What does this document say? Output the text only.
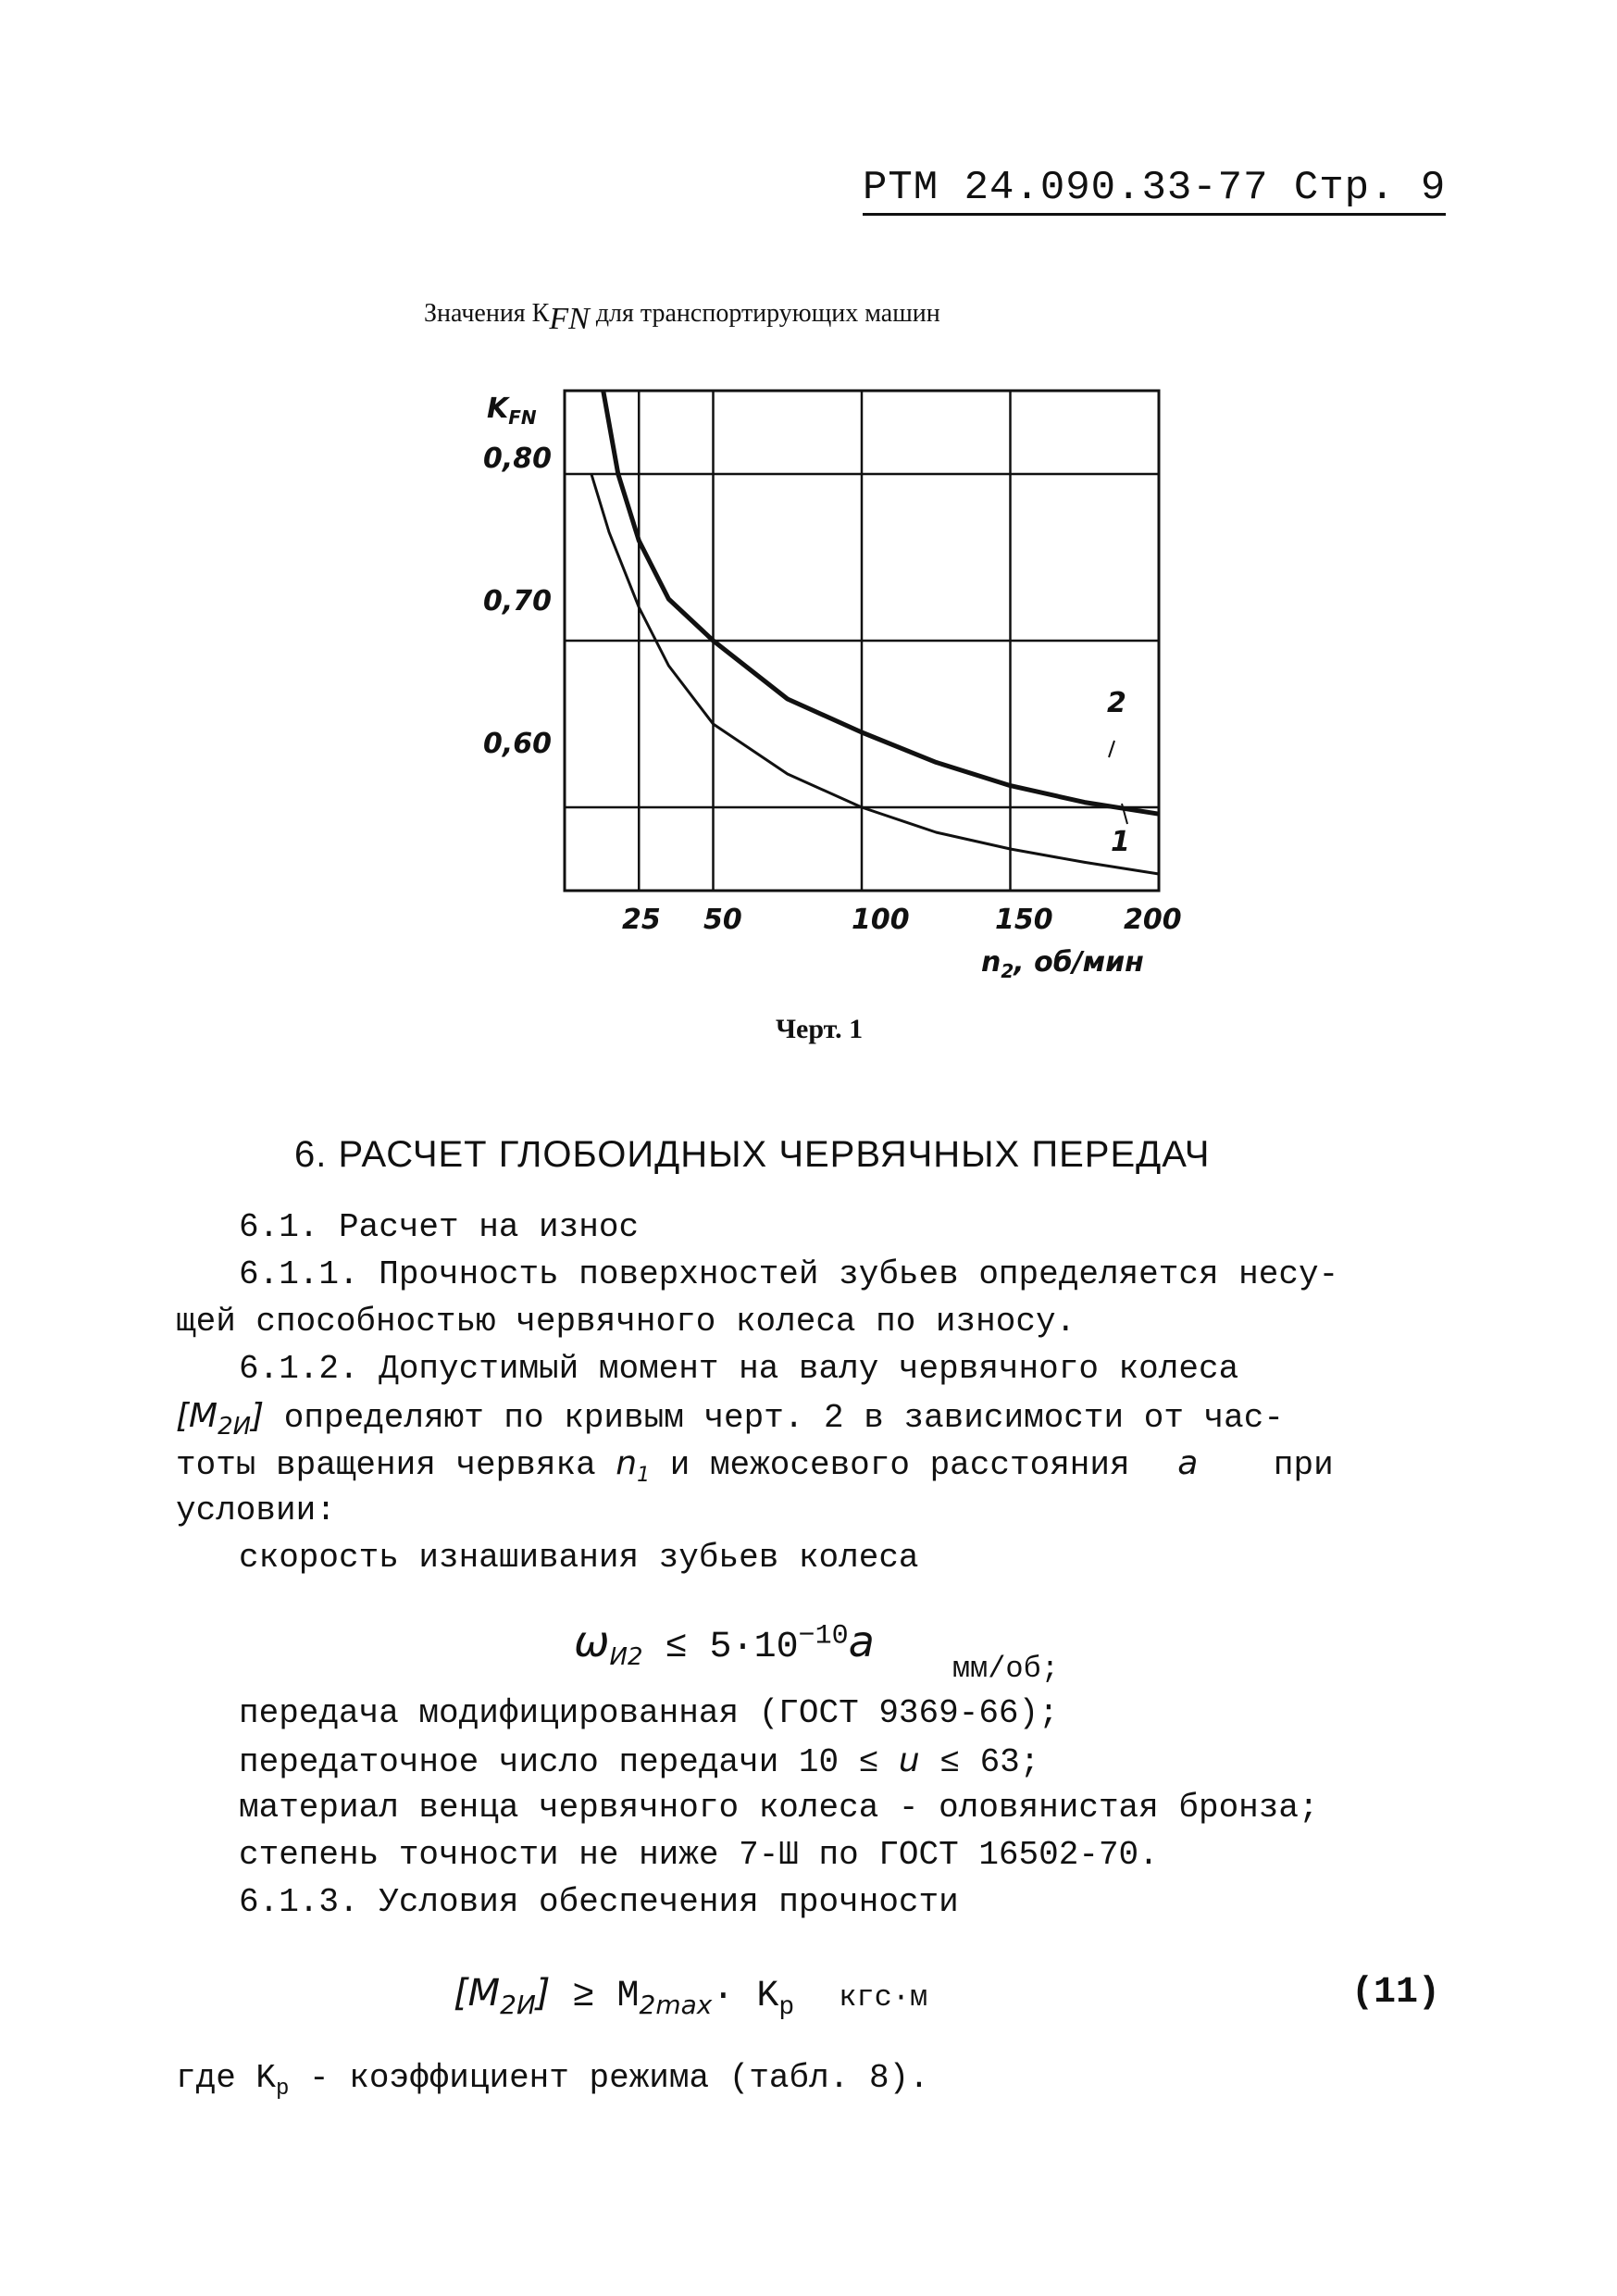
РТМ 24.090.33-77 Стр. 9
Значения КFN для транспортирующих машин
$K_{FN}$
0,80
0,70
0,60
25 50	100	150	200
$n_2$, об/мин
1
2
Черт. 1
6. РАСЧЕТ ГЛОБОИДНЫХ ЧЕРВЯЧНЫХ ПЕРЕДАЧ
6.1. Расчет на износ
6.1.1. Прочность поверхностей зубьев определяется несу-
щей способностью червячного колеса по износу.
6.1.2. Допустимый момент на валу червячного колеса
$[M_{2И}]$ определяют по кривым черт. 2 в зависимости от час-
тоты вращения червяка $n_1$ и межосевого расстояния a при
условии:
скорость изнашивания зубьев колеса
$\omega_{И2} \le 5\cdot 10^{-10}a$ $_{мм/об;}$
передача модифицированная (ГОСТ 9369-66);
передаточное число передачи 10 ≤ u ≤ 63;
материал венца червячного колеса - оловянистая бронза;
степень точности не ниже 7-Ш по ГОСТ 16502-70.
6.1.3. Условия обеспечения прочности
$[M_{2И}] \ge M_{2max}\cdot K_р$ кгс·м	(11)
где $K_р$ - коэффициент режима (табл. 8).
